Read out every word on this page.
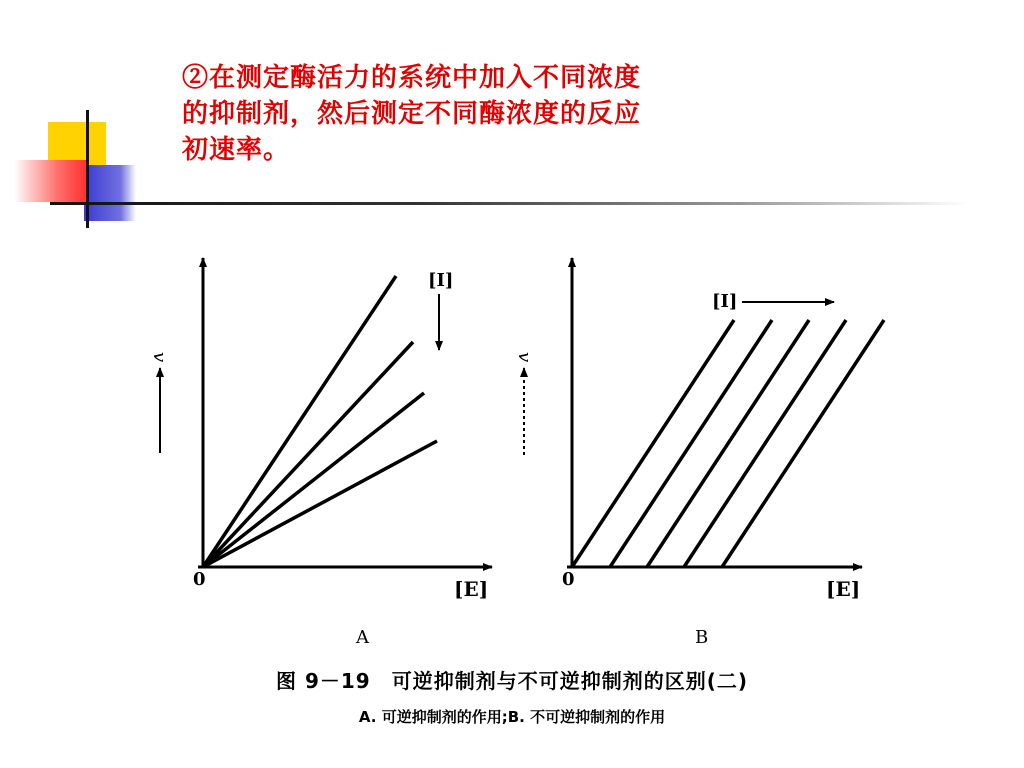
②在测定酶活力的系统中加入不同浓度
的抑制剂，然后测定不同酶浓度的反应
初速率。
v
[I]
0	[E]
A
v
[I]
0	[E]
B
图 9－19　可逆抑制剂与不可逆抑制剂的区别(二)
A. 可逆抑制剂的作用;B. 不可逆抑制剂的作用
